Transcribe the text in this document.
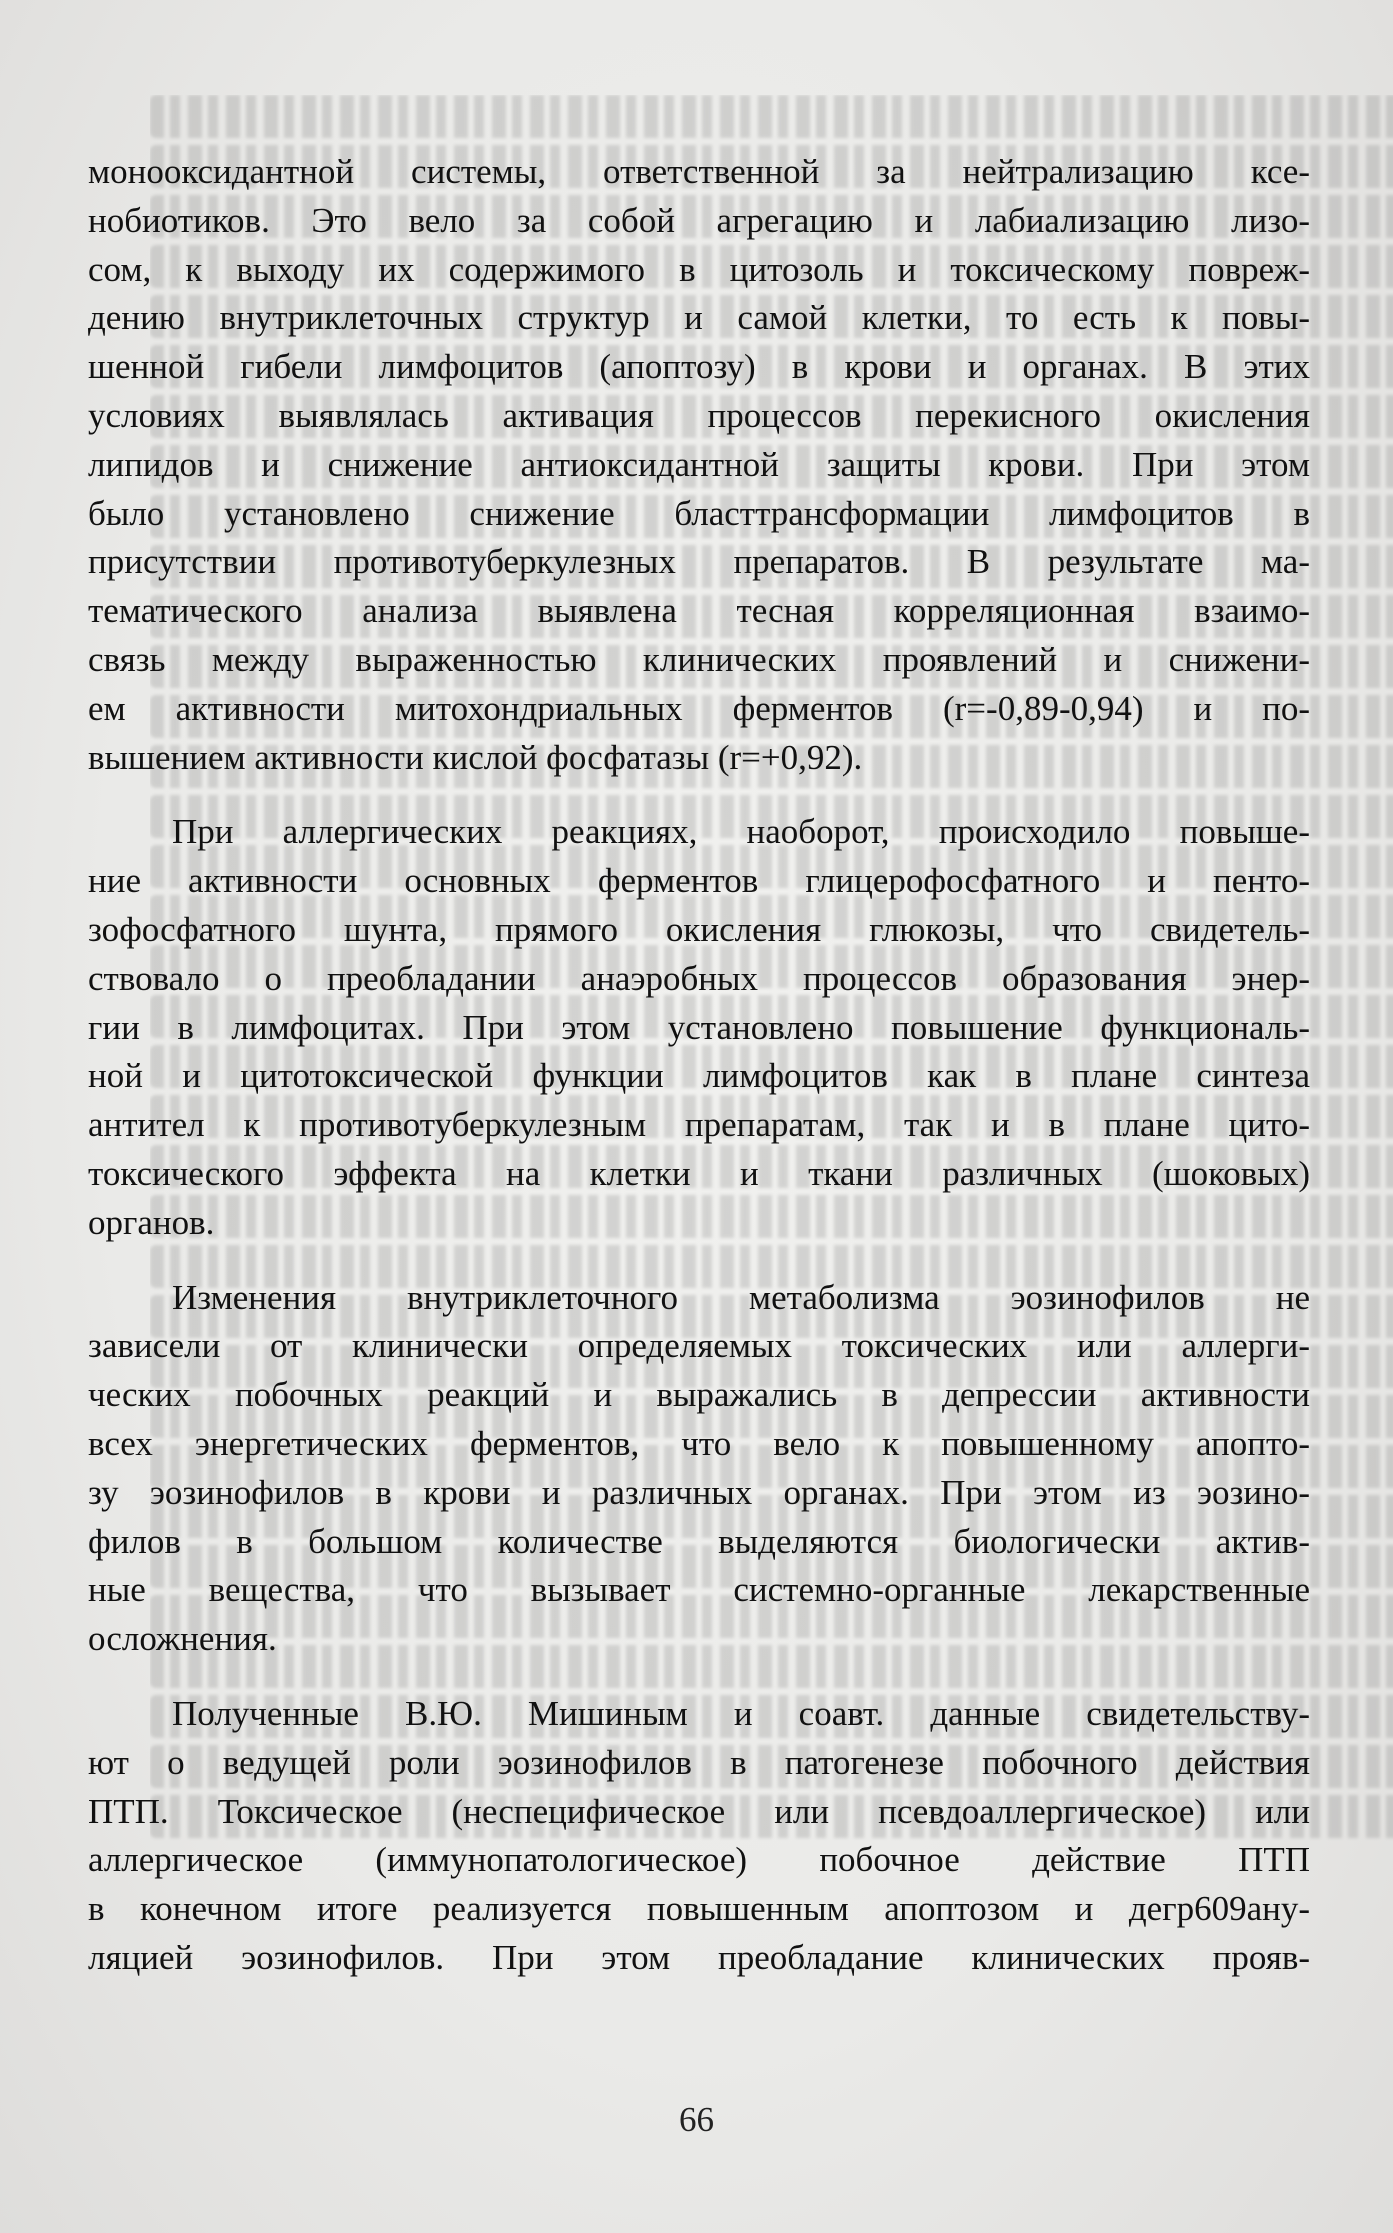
монооксидантной системы, ответственной за нейтрализацию ксе-
нобиотиков. Это вело за собой агрегацию и лабиализацию лизо-
сом, к выходу их содержимого в цитозоль и токсическому повреж-
дению внутриклеточных структур и самой клетки, то есть к повы-
шенной гибели лимфоцитов (апоптозу) в крови и органах. В этих
условиях выявлялась активация процессов перекисного окисления
липидов и снижение антиоксидантной защиты крови. При этом
было установлено снижение бласттрансформации лимфоцитов в
присутствии противотуберкулезных препаратов. В результате ма-
тематического анализа выявлена тесная корреляционная взаимо-
связь между выраженностью клинических проявлений и снижени-
ем активности митохондриальных ферментов (r=-0,89-0,94) и по-
вышением активности кислой фосфатазы (r=+0,92).

При аллергических реакциях, наоборот, происходило повыше-
ние активности основных ферментов глицерофосфатного и пенто-
зофосфатного шунта, прямого окисления глюкозы, что свидетель-
ствовало о преобладании анаэробных процессов образования энер-
гии в лимфоцитах. При этом установлено повышение функциональ-
ной и цитотоксической функции лимфоцитов как в плане синтеза
антител к противотуберкулезным препаратам, так и в плане цито-
токсического эффекта на клетки и ткани различных (шоковых)
органов.

Изменения внутриклеточного метаболизма эозинофилов не
зависели от клинически определяемых токсических или аллерги-
ческих побочных реакций и выражались в депрессии активности
всех энергетических ферментов, что вело к повышенному апопто-
зу эозинофилов в крови и различных органах. При этом из эозино-
филов в большом количестве выделяются биологически актив-
ные вещества, что вызывает системно-органные лекарственные
осложнения.

Полученные В.Ю. Мишиным и соавт. данные свидетельству-
ют о ведущей роли эозинофилов в патогенезе побочного действия
ПТП. Токсическое (неспецифическое или псевдоаллергическое) или
аллергическое (иммунопатологическое) побочное действие ПТП
в конечном итоге реализуется повышенным апоптозом и дегр609ану-
ляцией эозинофилов. При этом преобладание клинических прояв-

66
